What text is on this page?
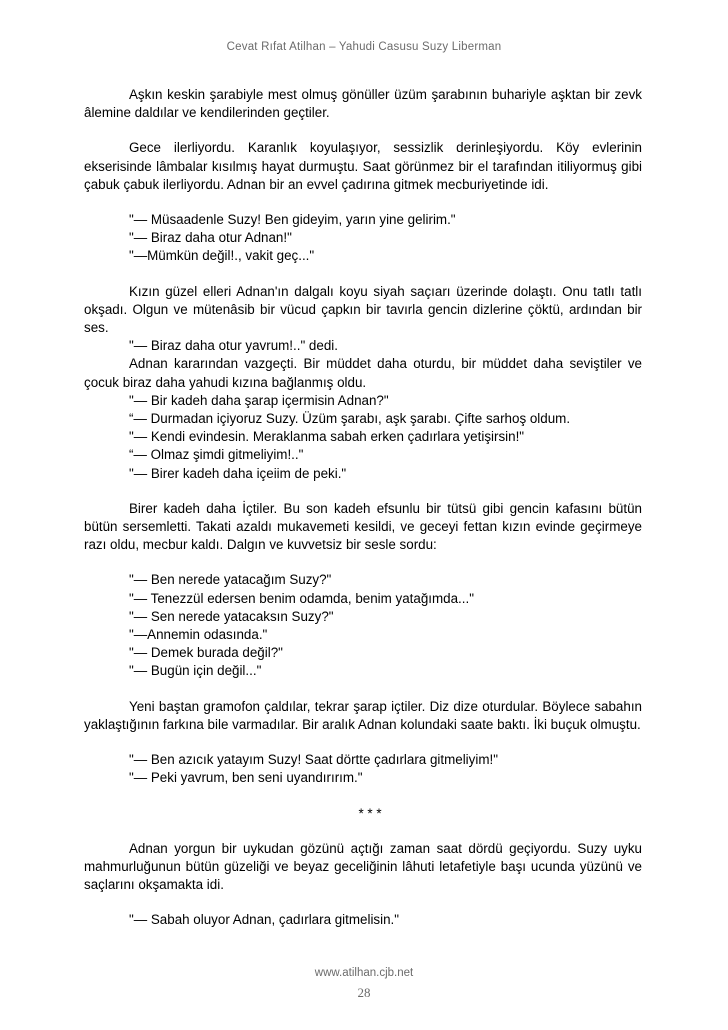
Cevat Rıfat Atilhan – Yahudi Casusu Suzy Liberman

Aşkın keskin şarabiyle mest olmuş gönüller üzüm şarabının buhariyle aşktan bir zevk âlemine daldılar ve kendilerinden geçtiler.

Gece ilerliyordu. Karanlık koyulaşıyor, sessizlik derinleşiyordu. Köy evlerinin ekserisinde lâmbalar kısılmış hayat durmuştu. Saat görünmez bir el tarafından itiliyormuş gibi çabuk çabuk ilerliyordu. Adnan bir an evvel çadırına gitmek mecburiyetinde idi.

"— Müsaadenle Suzy! Ben gideyim, yarın yine gelirim."

"— Biraz daha otur Adnan!"

"—Mümkün değil!., vakit geç..."

Kızın güzel elleri Adnan'ın dalgalı koyu siyah saçıarı üzerinde dolaştı. Onu tatlı tatlı okşadı. Olgun ve mütenâsib bir vücud çapkın bir tavırla gencin dizlerine çöktü, ardından bir ses.

"— Biraz daha otur yavrum!.." dedi.

Adnan kararından vazgeçti. Bir müddet daha oturdu, bir müddet daha seviştiler ve çocuk biraz daha yahudi kızına bağlanmış oldu.

"— Bir kadeh daha şarap içermisin Adnan?"

“— Durmadan içiyoruz Suzy. Üzüm şarabı, aşk şarabı. Çifte sarhoş oldum.

"— Kendi evindesin. Meraklanma sabah erken çadırlara yetişirsin!"

“— Olmaz şimdi gitmeliyim!.."

"— Birer kadeh daha içeiim de peki."

Birer kadeh daha İçtiler. Bu son kadeh efsunlu bir tütsü gibi gencin kafasını bütün bütün sersemletti. Takati azaldı mukavemeti kesildi, ve geceyi fettan kızın evinde geçirmeye razı oldu, mecbur kaldı. Dalgın ve kuvvetsiz bir sesle sordu:

"— Ben nerede yatacağım Suzy?"

"— Tenezzül edersen benim odamda, benim yatağımda..."

"— Sen nerede yatacaksın Suzy?"

"—Annemin odasında."

"— Demek burada değil?"

"— Bugün için değil..."

Yeni baştan gramofon çaldılar, tekrar şarap içtiler. Diz dize oturdular. Böylece sabahın yaklaştığının farkına bile varmadılar. Bir aralık Adnan kolundaki saate baktı. İki buçuk olmuştu.

"— Ben azıcık yatayım Suzy! Saat dörtte çadırlara gitmeliyim!"

"— Peki yavrum, ben seni uyandırırım."

* * *

Adnan yorgun bir uykudan gözünü açtığı zaman saat dördü geçiyordu. Suzy uyku mahmurluğunun bütün güzeliği ve beyaz geceliğinin lâhuti letafetiyle başı ucunda yüzünü ve saçlarını okşamakta idi.

"— Sabah oluyor Adnan, çadırlara gitmelisin."

www.atilhan.cjb.net
28
